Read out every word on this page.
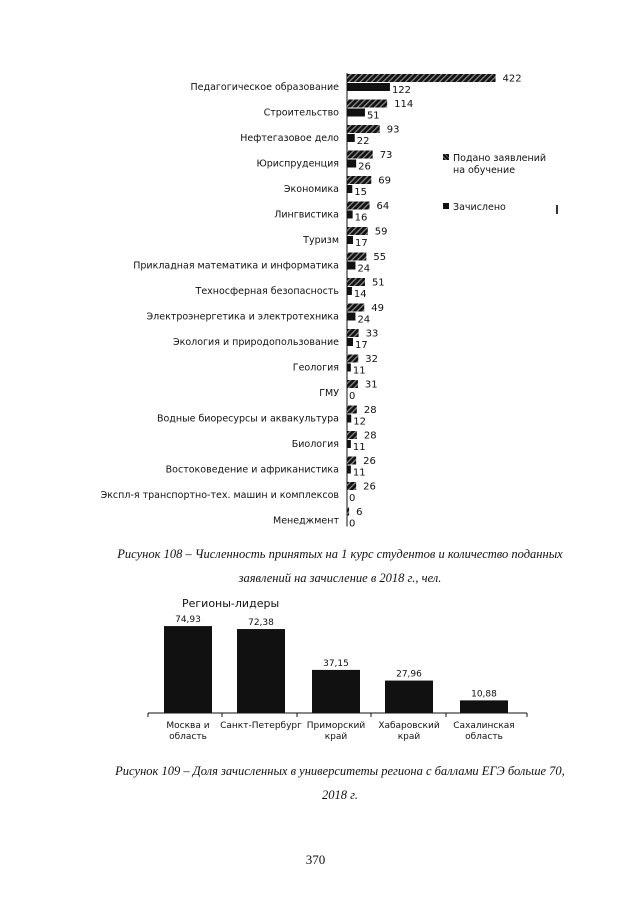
Педагогическое образование
422
122
Строительство
114
51
Нефтегазовое дело
93
22
Юриспруденция
73
26
Экономика
69
15
Лингвистика
64
16
Туризм
59
17
Прикладная математика и информатика
55
24
Техносферная безопасность
51
14
Электроэнергетика и электротехника
49
24
Экология и природопользование
33
17
Геология
32
11
ГМУ
31
0
Водные биоресурсы и аквакультура
28
12
Биология
28
11
Востоковедение и африканистика
26
11
Экспл-я транспортно-тех. машин и комплексов
26
0
Менеджмент
6
0
Подано заявлений
на обучение
Зачислено
Рисунок 108 – Численность принятых на 1 курс студентов и количество поданных
заявлений на зачисление в 2018 г., чел.
Регионы-лидеры
74,93
Москва и область
72,38
Санкт-Петербург
37,15
Приморский край
27,96
Хабаровский край
10,88
Сахалинская область
Рисунок 109 – Доля зачисленных в университеты региона с баллами ЕГЭ больше 70,
2018 г.
370
